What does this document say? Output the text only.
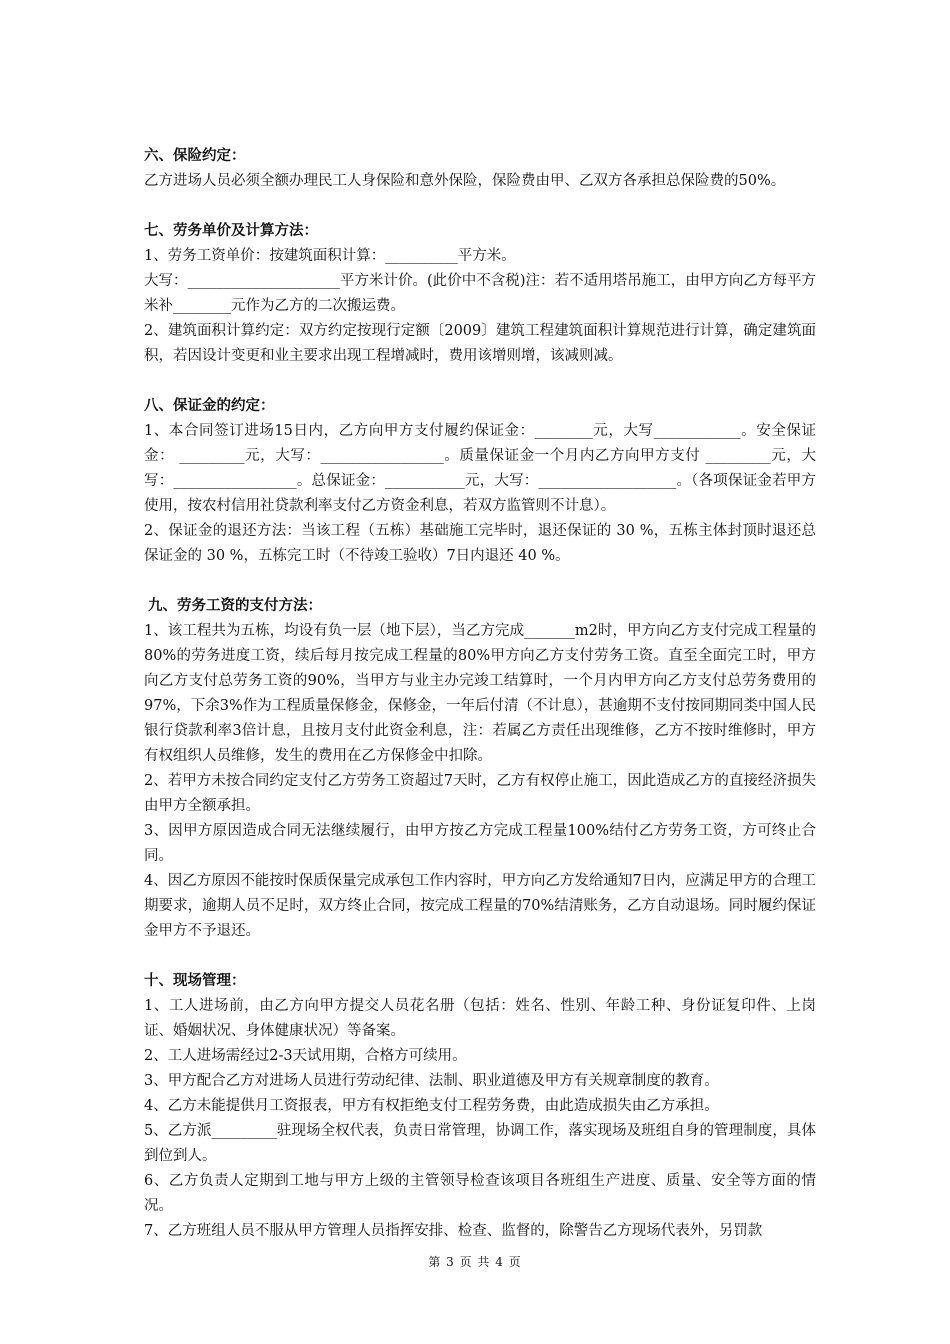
六、保险约定：
乙方进场人员必须全额办理民工人身保险和意外保险，保险费由甲、乙双方各承担总保险费的50%。
七、劳务单价及计算方法：
1、劳务工资单价：按建筑面积计算：__________平方米。
大写：_____________________平方米计价。(此价中不含税)注：若不适用塔吊施工，由甲方向乙方每平方米补________元作为乙方的二次搬运费。
2、建筑面积计算约定：双方约定按现行定额〔2009〕建筑工程建筑面积计算规范进行计算，确定建筑面积，若因设计变更和业主要求出现工程增减时，费用该增则增，该减则减。
八、保证金的约定：
1、本合同签订进场15日内，乙方向甲方支付履约保证金：________元，大写____________。安全保证金： _________元，大写：_________________。质量保证金一个月内乙方向甲方支付 _________元，大写：_________________。总保证金：___________元，大写：___________________。（各项保证金若甲方使用，按农村信用社贷款利率支付乙方资金利息，若双方监管则不计息）。
2、保证金的退还方法：当该工程（五栋）基础施工完毕时，退还保证的 30 %，五栋主体封顶时退还总保证金的 30 %，五栋完工时（不待竣工验收）7日内退还 40 %。
九、劳务工资的支付方法：
1、该工程共为五栋，均设有负一层（地下层），当乙方完成_______m2时，甲方向乙方支付完成工程量的80%的劳务进度工资，续后每月按完成工程量的80%甲方向乙方支付劳务工资。直至全面完工时，甲方向乙方支付总劳务工资的90%，当甲方与业主办完竣工结算时，一个月内甲方向乙方支付总劳务费用的97%，下余3%作为工程质量保修金，保修金，一年后付清（不计息），甚逾期不支付按同期同类中国人民银行贷款利率3倍计息，且按月支付此资金利息，注：若属乙方责任出现维修，乙方不按时维修时，甲方有权组织人员维修，发生的费用在乙方保修金中扣除。
2、若甲方未按合同约定支付乙方劳务工资超过7天时，乙方有权停止施工，因此造成乙方的直接经济损失由甲方全额承担。
3、因甲方原因造成合同无法继续履行，由甲方按乙方完成工程量100%结付乙方劳务工资，方可终止合同。
4、因乙方原因不能按时保质保量完成承包工作内容时，甲方向乙方发给通知7日内，应满足甲方的合理工期要求，逾期人员不足时，双方终止合同，按完成工程量的70%结清账务，乙方自动退场。同时履约保证金甲方不予退还。
十、现场管理：
1、工人进场前，由乙方向甲方提交人员花名册（包括：姓名、性别、年龄工种、身份证复印件、上岗证、婚姻状况、身体健康状况）等备案。
2、工人进场需经过2-3天试用期，合格方可续用。
3、甲方配合乙方对进场人员进行劳动纪律、法制、职业道德及甲方有关规章制度的教育。
4、乙方未能提供月工资报表，甲方有权拒绝支付工程劳务费，由此造成损失由乙方承担。
5、乙方派_________驻现场全权代表，负责日常管理，协调工作，落实现场及班组自身的管理制度，具体到位到人。
6、乙方负责人定期到工地与甲方上级的主管领导检查该项目各班组生产进度、质量、安全等方面的情况。
7、乙方班组人员不服从甲方管理人员指挥安排、检查、监督的，除警告乙方现场代表外，另罚款
第 3 页 共 4 页
